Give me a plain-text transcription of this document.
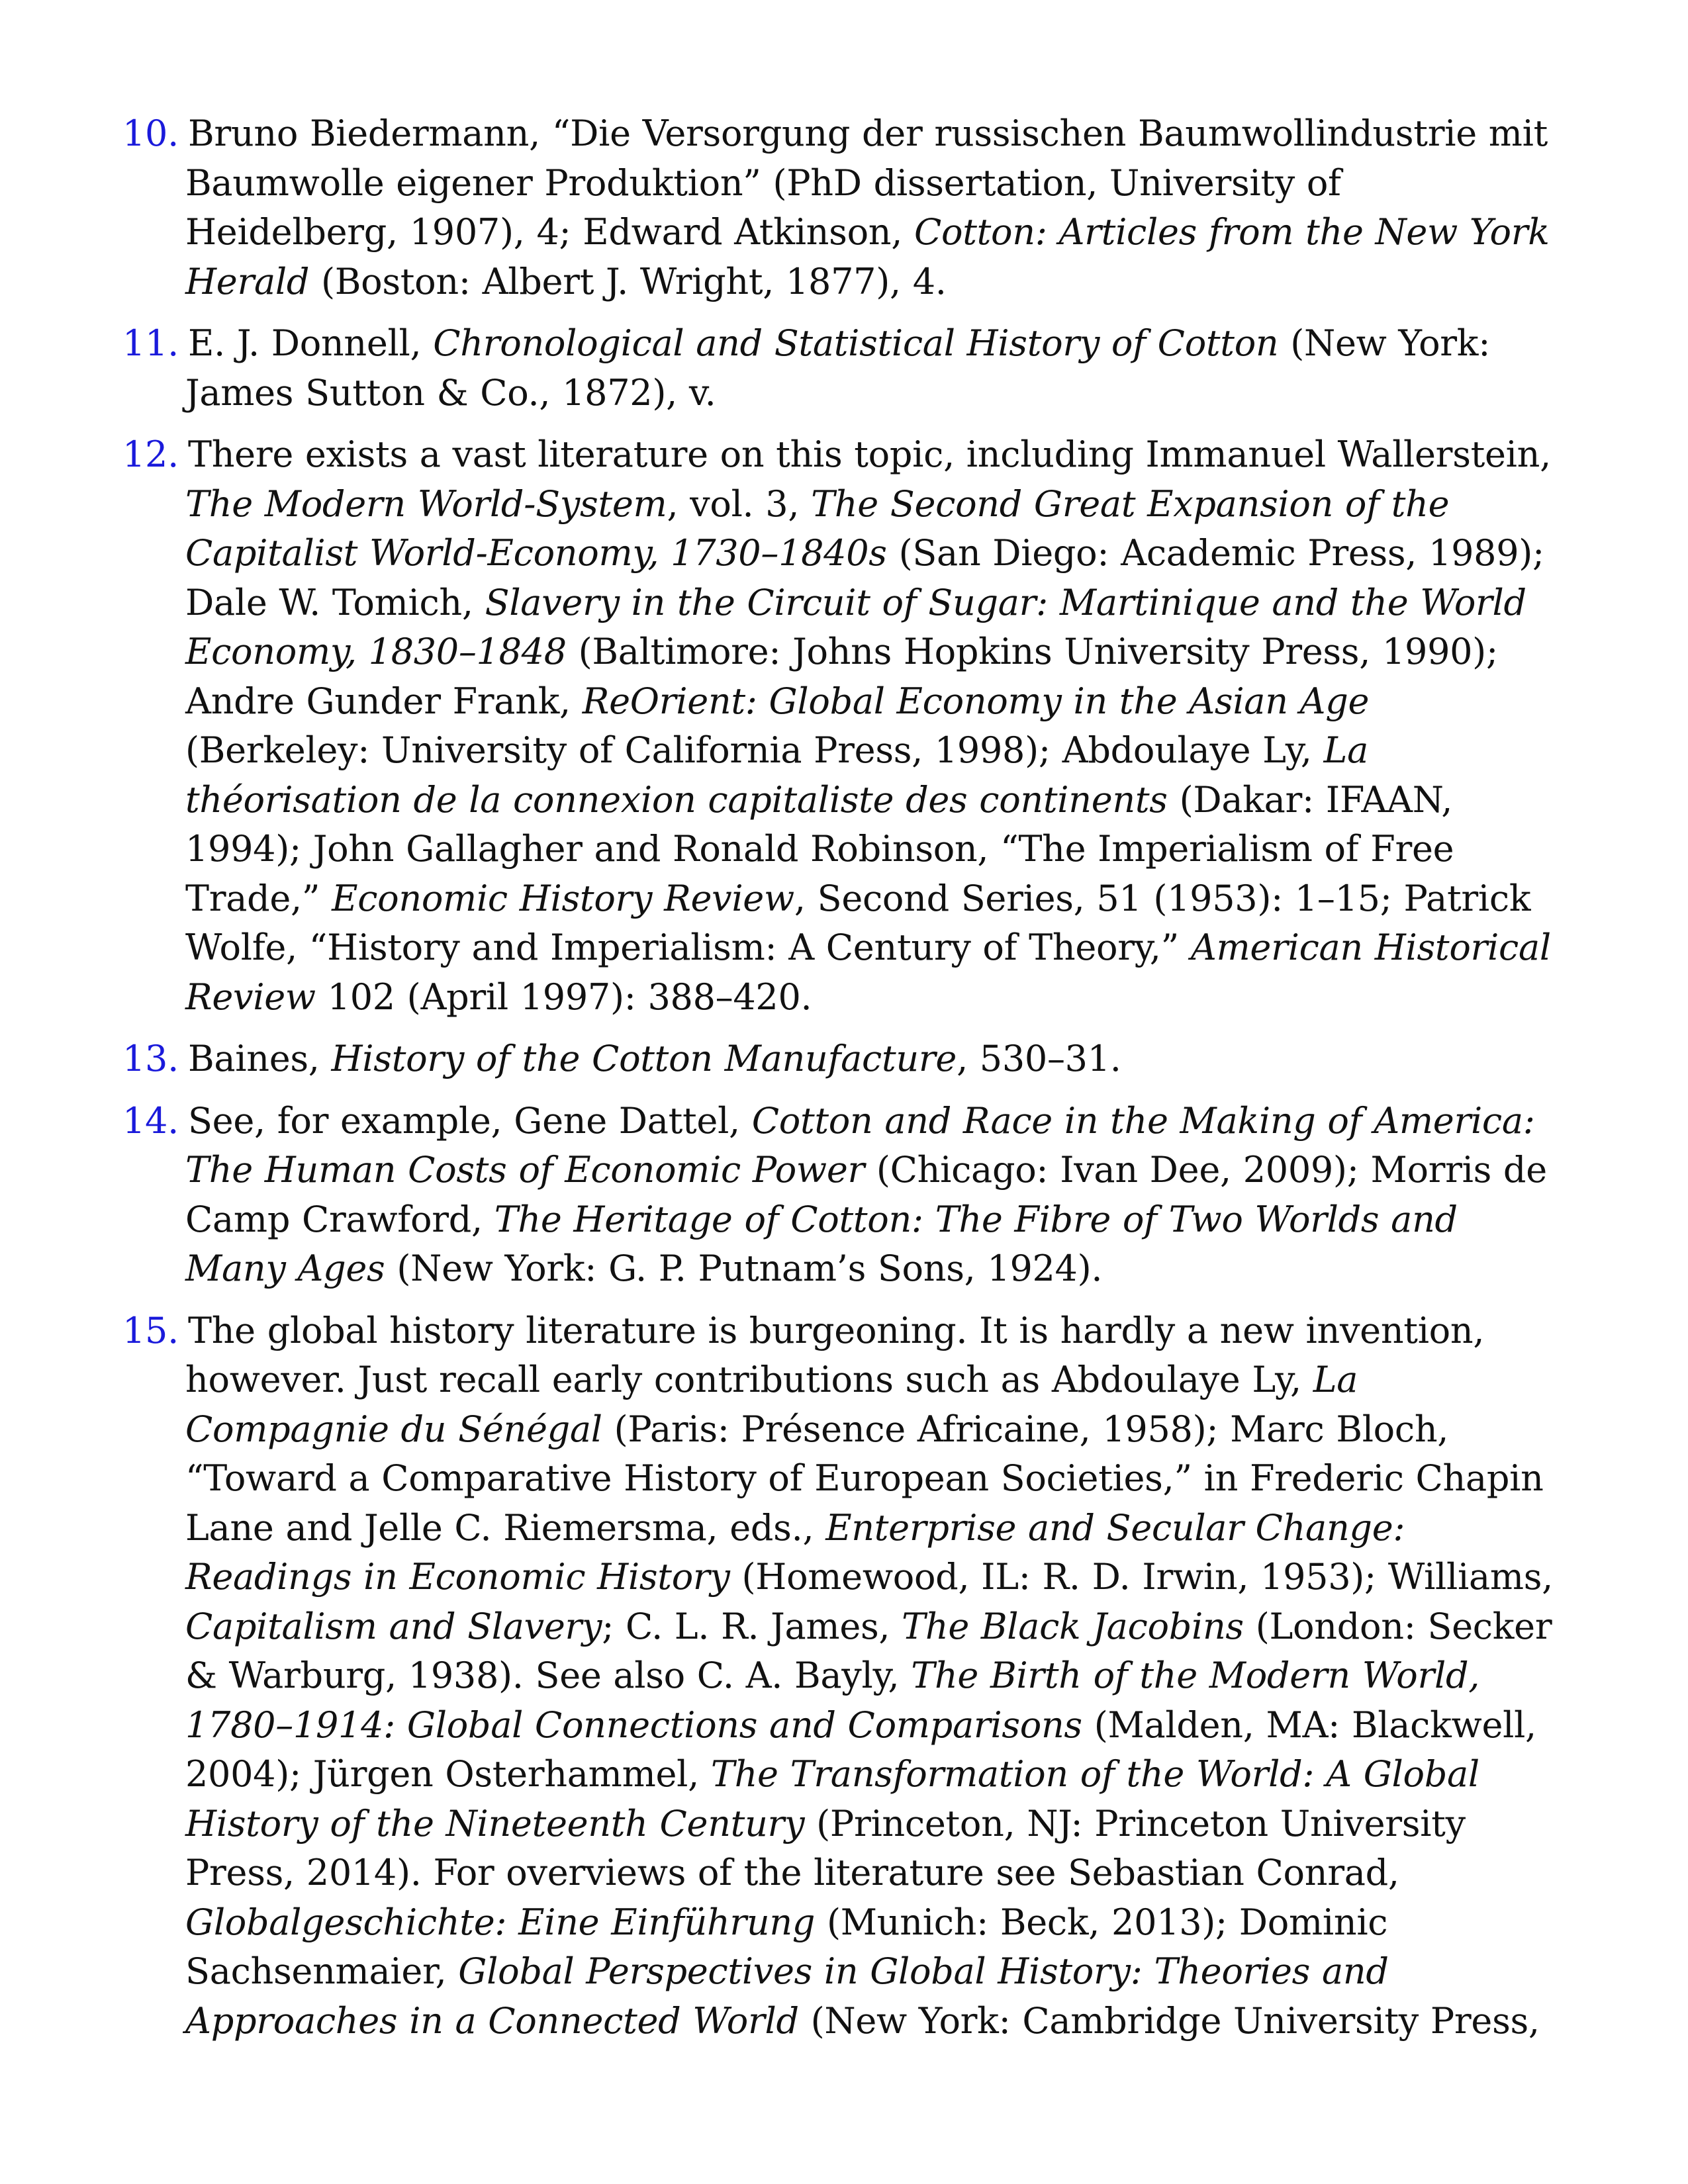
10. Bruno Biedermann, “Die Versorgung der russischen Baumwollindustrie mit Baumwolle eigener Produktion” (PhD dissertation, University of Heidelberg, 1907), 4; Edward Atkinson, Cotton: Articles from the New York Herald (Boston: Albert J. Wright, 1877), 4.
11. E. J. Donnell, Chronological and Statistical History of Cotton (New York: James Sutton & Co., 1872), v.
12. There exists a vast literature on this topic, including Immanuel Wallerstein, The Modern World-System, vol. 3, The Second Great Expansion of the Capitalist World-Economy, 1730–1840s (San Diego: Academic Press, 1989); Dale W. Tomich, Slavery in the Circuit of Sugar: Martinique and the World Economy, 1830–1848 (Baltimore: Johns Hopkins University Press, 1990); Andre Gunder Frank, ReOrient: Global Economy in the Asian Age (Berkeley: University of California Press, 1998); Abdoulaye Ly, La théorisation de la connexion capitaliste des continents (Dakar: IFAAN, 1994); John Gallagher and Ronald Robinson, “The Imperialism of Free Trade,” Economic History Review, Second Series, 51 (1953): 1–15; Patrick Wolfe, “History and Imperialism: A Century of Theory,” American Historical Review 102 (April 1997): 388–420.
13. Baines, History of the Cotton Manufacture, 530–31.
14. See, for example, Gene Dattel, Cotton and Race in the Making of America: The Human Costs of Economic Power (Chicago: Ivan Dee, 2009); Morris de Camp Crawford, The Heritage of Cotton: The Fibre of Two Worlds and Many Ages (New York: G. P. Putnam’s Sons, 1924).
15. The global history literature is burgeoning. It is hardly a new invention, however. Just recall early contributions such as Abdoulaye Ly, La Compagnie du Sénégal (Paris: Présence Africaine, 1958); Marc Bloch, “Toward a Comparative History of European Societies,” in Frederic Chapin Lane and Jelle C. Riemersma, eds., Enterprise and Secular Change: Readings in Economic History (Homewood, IL: R. D. Irwin, 1953); Williams, Capitalism and Slavery; C. L. R. James, The Black Jacobins (London: Secker & Warburg, 1938). See also C. A. Bayly, The Birth of the Modern World, 1780–1914: Global Connections and Comparisons (Malden, MA: Blackwell, 2004); Jürgen Osterhammel, The Transformation of the World: A Global History of the Nineteenth Century (Princeton, NJ: Princeton University Press, 2014). For overviews of the literature see Sebastian Conrad, Globalgeschichte: Eine Einführung (Munich: Beck, 2013); Dominic Sachsenmaier, Global Perspectives in Global History: Theories and Approaches in a Connected World (New York: Cambridge University Press,
